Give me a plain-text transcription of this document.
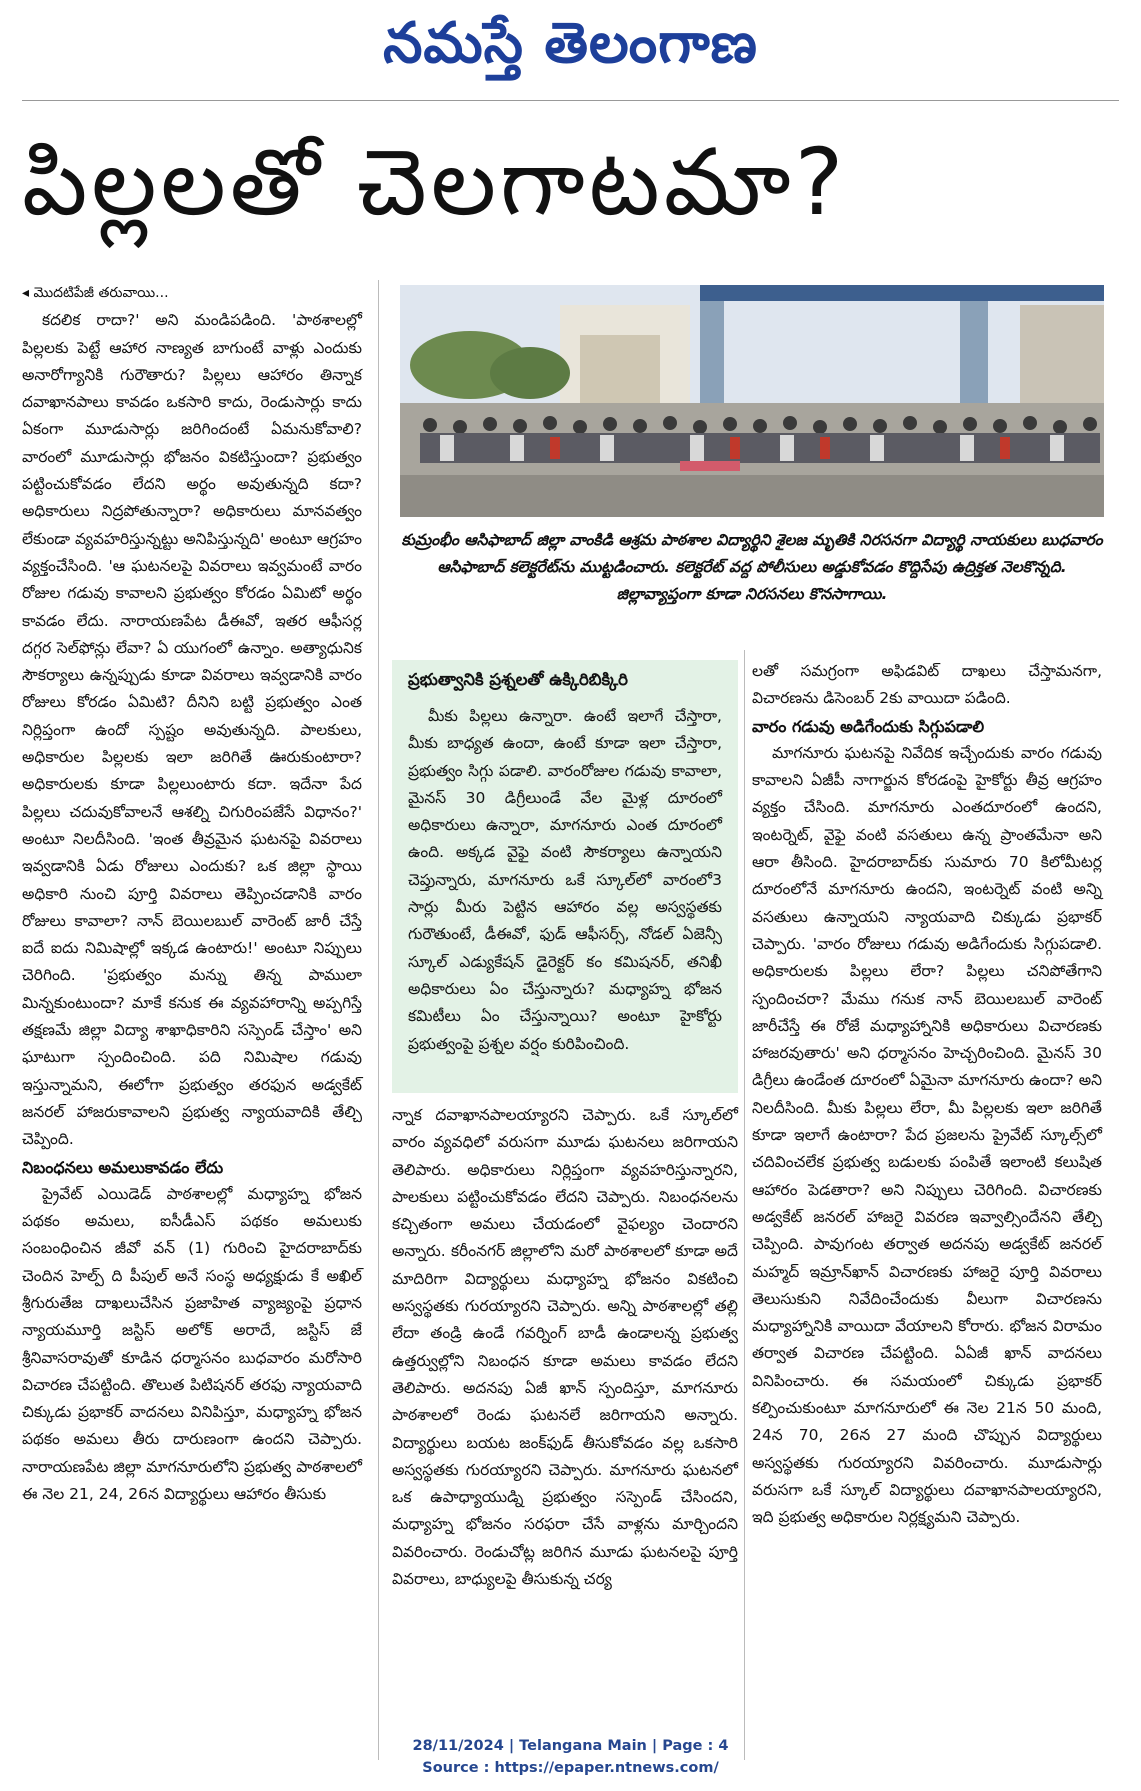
నమస్తే తెలంగాణ
పిల్లలతో చెలగాటమా?
కుమ్రంభీం ఆసిఫాబాద్ జిల్లా వాంకిడి ఆశ్రమ పాఠశాల విద్యార్థిని శైలజ మృతికి నిరసనగా విద్యార్థి నాయకులు బుధవారం ఆసిఫాబాద్ కలెక్టరేట్‌ను ముట్టడించారు. కలెక్టరేట్ వద్ద పోలీసులు అడ్డుకోవడం కొద్దిసేపు ఉద్రిక్తత నెలకొన్నది. జిల్లావ్యాప్తంగా కూడా నిరసనలు కొనసాగాయి.

◂ మొదటిపేజీ తరువాయి...

కదలిక రాదా?' అని మండిపడింది. 'పాఠశాలల్లో పిల్లలకు పెట్టే ఆహార నాణ్యత బాగుంటే వాళ్లు ఎందుకు అనారోగ్యానికి గురౌతారు? పిల్లలు ఆహారం తిన్నాక దవాఖానపాలు కావడం ఒకసారి కాదు, రెండుసార్లు కాదు ఏకంగా మూడుసార్లు జరిగిందంటే ఏమనుకోవాలి? వారంలో మూడుసార్లు భోజనం వికటిస్తుందా? ప్రభుత్వం పట్టించుకోవడం లేదని అర్థం అవుతున్నది కదా? అధికారులు నిద్రపోతున్నారా? అధికారులు మానవత్వం లేకుండా వ్యవహరిస్తున్నట్టు అనిపిస్తున్నది' అంటూ ఆగ్రహం వ్యక్తంచేసింది. 'ఆ ఘటనలపై వివరాలు ఇవ్వమంటే వారం రోజుల గడువు కావాలని ప్రభుత్వం కోరడం ఏమిటో అర్థం కావడం లేదు. నారాయణపేట డీఈవో, ఇతర ఆఫీసర్ల దగ్గర సెల్‌ఫోన్లు లేవా? ఏ యుగంలో ఉన్నాం. అత్యాధునిక సౌకర్యాలు ఉన్నప్పుడు కూడా వివరాలు ఇవ్వడానికి వారం రోజులు కోరడం ఏమిటి? దీనిని బట్టి ప్రభుత్వం ఎంత నిర్లిప్తంగా ఉందో స్పష్టం అవుతున్నది. పాలకులు, అధికారుల పిల్లలకు ఇలా జరిగితే ఊరుకుంటారా? అధికారులకు కూడా పిల్లలుంటారు కదా. ఇదేనా పేద పిల్లలు చదువుకోవాలనే ఆశల్ని చిగురింపజేసే విధానం?' అంటూ నిలదీసింది. 'ఇంత తీవ్రమైన ఘటనపై వివరాలు ఇవ్వడానికి ఏడు రోజులు ఎందుకు? ఒక జిల్లా స్థాయి అధికారి నుంచి పూర్తి వివరాలు తెప్పించడానికి వారం రోజులు కావాలా? నాన్ బెయిలబుల్ వారెంట్ జారీ చేస్తే ఐదే ఐదు నిమిషాల్లో ఇక్కడ ఉంటారు!' అంటూ నిప్పులు చెరిగింది. 'ప్రభుత్వం మన్ను తిన్న పాములా మిన్నకుంటుందా? మాకే కనుక ఈ వ్యవహారాన్ని అప్పగిస్తే తక్షణమే జిల్లా విద్యా శాఖాధికారిని సస్పెండ్ చేస్తాం' అని ఘాటుగా స్పందించింది. పది నిమిషాల గడువు ఇస్తున్నామని, ఈలోగా ప్రభుత్వం తరఫున అడ్వకేట్ జనరల్ హాజరుకావాలని ప్రభుత్వ న్యాయవాదికి తేల్చి చెప్పింది.

నిబంధనలు అమలుకావడం లేదు

ప్రైవేట్ ఎయిడెడ్ పాఠశాలల్లో మధ్యాహ్న భోజన పథకం అమలు, ఐసీడీఎస్ పథకం అమలుకు సంబంధించిన జీవో వన్ (1) గురించి హైదరాబాద్‌కు చెందిన హెల్ప్ ది పీపుల్ అనే సంస్థ అధ్యక్షుడు కే అఖిల్ శ్రీగురుతేజ దాఖలుచేసిన ప్రజాహిత వ్యాజ్యంపై ప్రధాన న్యాయమూర్తి జస్టిస్ అలోక్ అరాదే, జస్టిస్ జే శ్రీనివాసరావుతో కూడిన ధర్మాసనం బుధవారం మరోసారి విచారణ చేపట్టింది. తొలుత పిటిషనర్ తరఫు న్యాయవాది చిక్కుడు ప్రభాకర్ వాదనలు వినిపిస్తూ, మధ్యాహ్న భోజన పథకం అమలు తీరు దారుణంగా ఉందని చెప్పారు. నారాయణపేట జిల్లా మాగనూరులోని ప్రభుత్వ పాఠశాలలో ఈ నెల 21, 24, 26న విద్యార్థులు ఆహారం తీసుకు

ప్రభుత్వానికి ప్రశ్నలతో ఉక్కిరిబిక్కిరి

మీకు పిల్లలు ఉన్నారా. ఉంటే ఇలాగే చేస్తారా, మీకు బాధ్యత ఉందా, ఉంటే కూడా ఇలా చేస్తారా, ప్రభుత్వం సిగ్గు పడాలి. వారంరోజుల గడువు కావాలా, మైనస్ 30 డిగ్రీలుండే వేల మైళ్ల దూరంలో అధికారులు ఉన్నారా, మాగనూరు ఎంత దూరంలో ఉంది. అక్కడ వైఫై వంటి సౌకర్యాలు ఉన్నాయని చెప్తున్నారు, మాగనూరు ఒకే స్కూల్‌లో వారంలో3 సార్లు మీరు పెట్టిన ఆహారం వల్ల అస్వస్థతకు గురౌతుంటే, డీఈవో, ఫుడ్ ఆఫీసర్స్, నోడల్ ఏజెన్సీ స్కూల్ ఎడ్యుకేషన్ డైరెక్టర్ కం కమిషనర్, తనిఖీ అధికారులు ఏం చేస్తున్నారు? మధ్యాహ్న భోజన కమిటీలు ఏం చేస్తున్నాయి? అంటూ హైకోర్టు ప్రభుత్వంపై ప్రశ్నల వర్షం కురిపించింది.

న్నాక దవాఖానపాలయ్యారని చెప్పారు. ఒకే స్కూల్‌లో వారం వ్యవధిలో వరుసగా మూడు ఘటనలు జరిగాయని తెలిపారు. అధికారులు నిర్లిప్తంగా వ్యవహరిస్తున్నారని, పాలకులు పట్టించుకోవడం లేదని చెప్పారు. నిబంధనలను కచ్చితంగా అమలు చేయడంలో వైఫల్యం చెందారని అన్నారు. కరీంనగర్ జిల్లాలోని మరో పాఠశాలలో కూడా అదే మాదిరిగా విద్యార్థులు మధ్యాహ్న భోజనం వికటించి అస్వస్థతకు గురయ్యారని చెప్పారు. అన్ని పాఠశాలల్లో తల్లి లేదా తండ్రి ఉండే గవర్నింగ్ బాడీ ఉండాలన్న ప్రభుత్వ ఉత్తర్వుల్లోని నిబంధన కూడా అమలు కావడం లేదని తెలిపారు. అదనపు ఏజీ ఖాన్ స్పందిస్తూ, మాగనూరు పాఠశాలలో రెండు ఘటనలే జరిగాయని అన్నారు. విద్యార్థులు బయట జంక్‌ఫుడ్ తీసుకోవడం వల్ల ఒకసారి అస్వస్థతకు గురయ్యారని చెప్పారు. మాగనూరు ఘటనలో ఒక ఉపాధ్యాయుడ్ని ప్రభుత్వం సస్పెండ్ చేసిందని, మధ్యాహ్న భోజనం సరఫరా చేసే వాళ్లను మార్చిందని వివరించారు. రెండుచోట్ల జరిగిన మూడు ఘటనలపై పూర్తి వివరాలు, బాధ్యులపై తీసుకున్న చర్య

లతో సమగ్రంగా అఫిడవిట్ దాఖలు చేస్తామనగా, విచారణను డిసెంబర్ 2కు వాయిదా పడింది.

వారం గడువు అడిగేందుకు సిగ్గుపడాలి

మాగనూరు ఘటనపై నివేదిక ఇచ్చేందుకు వారం గడువు కావాలని ఏజీపీ నాగార్జున కోరడంపై హైకోర్టు తీవ్ర ఆగ్రహం వ్యక్తం చేసింది. మాగనూరు ఎంతదూరంలో ఉందని, ఇంటర్నెట్, వైఫై వంటి వసతులు ఉన్న ప్రాంతమేనా అని ఆరా తీసింది. హైదరాబాద్‌కు సుమారు 70 కిలోమీటర్ల దూరంలోనే మాగనూరు ఉందని, ఇంటర్నెట్ వంటి అన్ని వసతులు ఉన్నాయని న్యాయవాది చిక్కుడు ప్రభాకర్ చెప్పారు. 'వారం రోజులు గడువు అడిగేందుకు సిగ్గుపడాలి. అధికారులకు పిల్లలు లేరా? పిల్లలు చనిపోతేగాని స్పందించరా? మేము గనుక నాన్ బెయిలబుల్ వారెంట్ జారీచేస్తే ఈ రోజే మధ్యాహ్నానికి అధికారులు విచారణకు హాజరవుతారు' అని ధర్మాసనం హెచ్చరించింది. మైనస్ 30 డిగ్రీలు ఉండేంత దూరంలో ఏమైనా మాగనూరు ఉందా? అని నిలదీసింది. మీకు పిల్లలు లేరా, మీ పిల్లలకు ఇలా జరిగితే కూడా ఇలాగే ఉంటారా? పేద ప్రజలను ప్రైవేట్ స్కూల్స్‌లో చదివించలేక ప్రభుత్వ బడులకు పంపితే ఇలాంటి కలుషిత ఆహారం పెడతారా? అని నిప్పులు చెరిగింది. విచారణకు అడ్వకేట్ జనరల్ హాజరై వివరణ ఇవ్వాల్సిందేనని తేల్చి చెప్పింది. పావుగంట తర్వాత అదనపు అడ్వకేట్ జనరల్ మహ్మద్ ఇమ్రాన్‌ఖాన్ విచారణకు హాజరై పూర్తి వివరాలు తెలుసుకుని నివేదించేందుకు వీలుగా విచారణను మధ్యాహ్నానికి వాయిదా వేయాలని కోరారు. భోజన విరామం తర్వాత విచారణ చేపట్టింది. ఏఏజీ ఖాన్ వాదనలు వినిపించారు. ఈ సమయంలో చిక్కుడు ప్రభాకర్ కల్పించుకుంటూ మాగనూరులో ఈ నెల 21న 50 మంది, 24న 70, 26న 27 మంది చొప్పున విద్యార్థులు అస్వస్థతకు గురయ్యారని వివరించారు. మూడుసార్లు వరుసగా ఒకే స్కూల్ విద్యార్థులు దవాఖానపాలయ్యారని, ఇది ప్రభుత్వ అధికారుల నిర్లక్ష్యమని చెప్పారు.

28/11/2024 | Telangana Main | Page : 4
Source : https://epaper.ntnews.com/
